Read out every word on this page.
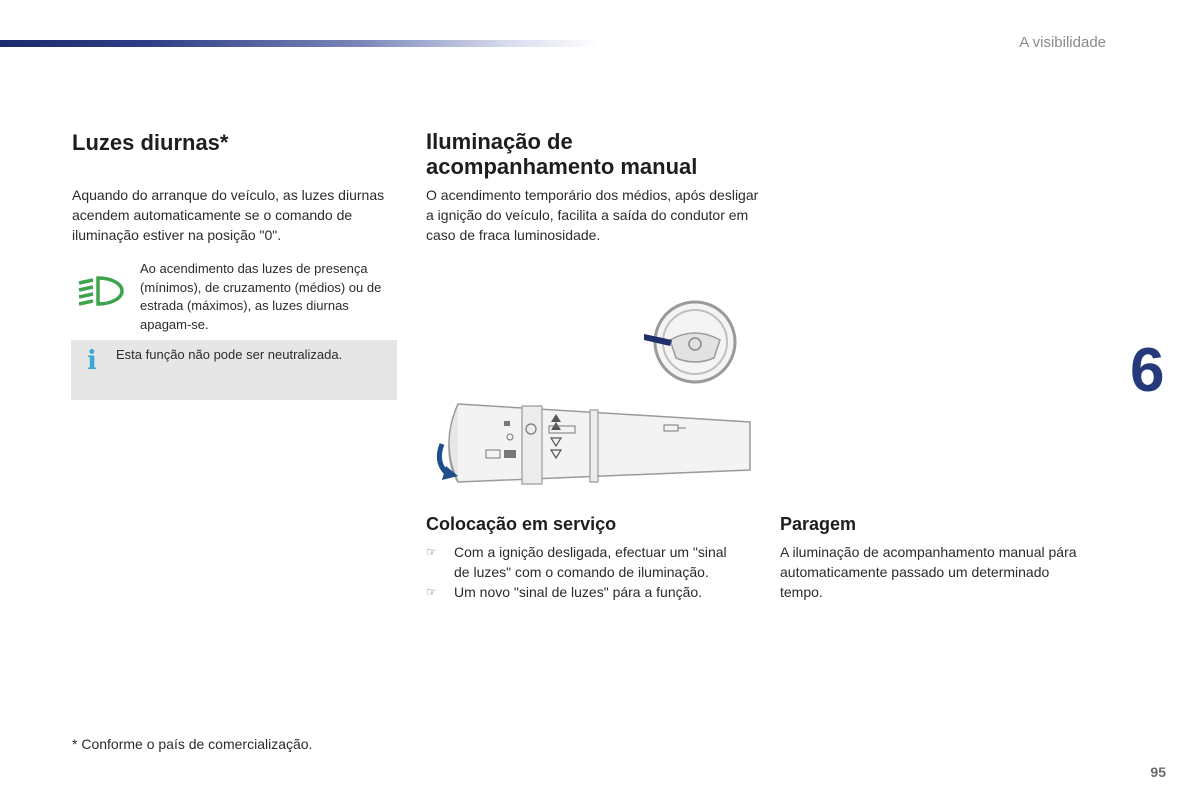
A visibilidade
6
95
Luzes diurnas*
Aquando do arranque do veículo, as luzes diurnas acendem automaticamente se o comando de iluminação estiver na posição "0".
Ao acendimento das luzes de presença (mínimos), de cruzamento (médios) ou de estrada (máximos), as luzes diurnas apagam-se.
i Esta função não pode ser neutralizada.
Iluminação de acompanhamento manual
O acendimento temporário dos médios, após desligar a ignição do veículo, facilita a saída do condutor em caso de fraca luminosidade.
Colocação em serviço
☞ Com a ignição desligada, efectuar um "sinal de luzes" com o comando de iluminação.
☞ Um novo "sinal de luzes" pára a função.
Paragem
A iluminação de acompanhamento manual pára automaticamente passado um determinado tempo.
* Conforme o país de comercialização.
